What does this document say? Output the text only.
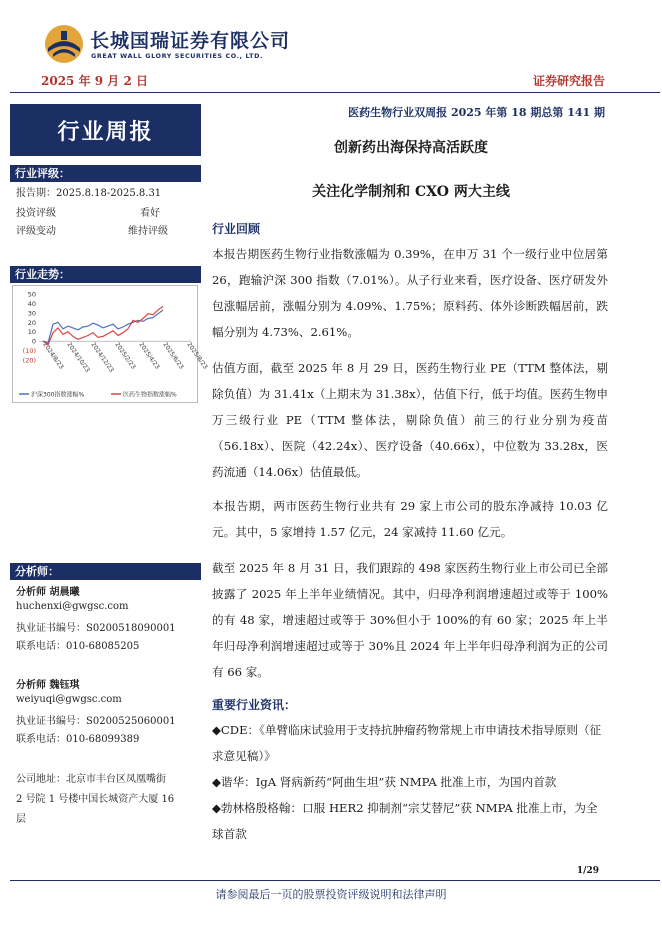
长城国瑞证券有限公司
GREAT WALL GLORY SECURITIES CO., LTD.
2025 年 9 月 2 日	证券研究报告
行业周报
医药生物行业双周报 2025 年第 18 期总第 141 期
创新药出海保持高活跃度
关注化学制剂和 CXO 两大主线
行业评级：
报告期：2025.8.18-2025.8.31
投资评级	看好
评级变动	维持评级
行业走势：
50
40
30
20
10
0
(10)
(20) 2024/8/23 2024/10/23
2024/12/23
2025/2/23 2025/4/23 2025/6/23 2025/8/23
沪深300指数涨幅%	医药生物指数涨幅%
分析师：
分析师 胡晨曦
huchenxi@gwgsc.com
执业证书编号：S0200518090001
联系电话：010-68085205
分析师 魏钰琪
weiyuqi@gwgsc.com
执业证书编号：S0200525060001
联系电话：010-68099389
公司地址：北京市丰台区凤凰嘴街
2 号院 1 号楼中国长城资产大厦 16
层
行业回顾

本报告期医药生物行业指数涨幅为 0.39%，在申万 31 个一级行业中位居第 26，跑输沪深 300 指数（7.01%）。从子行业来看，医疗设备、医疗研发外包涨幅居前，涨幅分别为 4.09%、1.75%；原料药、体外诊断跌幅居前，跌幅分别为 4.73%、2.61%。

估值方面，截至 2025 年 8 月 29 日，医药生物行业 PE（TTM 整体法，剔除负值）为 31.41x（上期末为 31.38x），估值下行，低于均值。医药生物申万三级行业 PE（TTM 整体法，剔除负值）前三的行业分别为疫苗（56.18x）、医院（42.24x）、医疗设备（40.66x），中位数为 33.28x，医药流通（14.06x）估值最低。

本报告期，两市医药生物行业共有 29 家上市公司的股东净减持 10.03 亿元。其中，5 家增持 1.57 亿元，24 家减持 11.60 亿元。

截至 2025 年 8 月 31 日，我们跟踪的 498 家医药生物行业上市公司已全部披露了 2025 年上半年业绩情况。其中，归母净利润增速超过或等于 100%的有 48 家，增速超过或等于 30%但小于 100%的有 60 家；2025 年上半年归母净利润增速超过或等于 30%且 2024 年上半年归母净利润为正的公司有 66 家。

重要行业资讯：

◆CDE：《单臂临床试验用于支持抗肿瘤药物常规上市申请技术指导原则（征求意见稿）》

◆谐华：IgA 肾病新药“阿曲生坦”获 NMPA 批准上市，为国内首款

◆勃林格殷格翰：口服 HER2 抑制剂“宗艾替尼”获 NMPA 批准上市，为全球首款

1/29
请参阅最后一页的股票投资评级说明和法律声明
